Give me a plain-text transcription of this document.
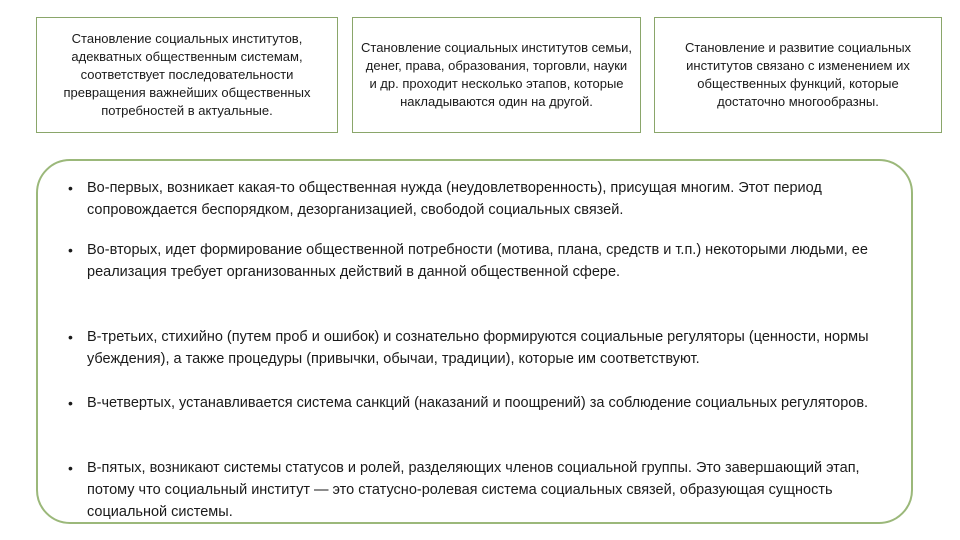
Становление социальных институтов, адекватных общественным системам, соответствует последовательности превращения важнейших общественных потребностей в актуальные.
Становление социальных институтов семьи, денег, права, образования, торговли, науки и др. проходит несколько этапов, которые накладываются один на другой.
Становление и развитие социальных институтов связано с изменением их общественных функций, которые достаточно многообразны.
• Во-первых, возникает какая-то общественная нужда (неудовлетворенность), присущая многим. Этот период сопровождается беспорядком, дезорганизацией, свободой социальных связей.
• Во-вторых, идет формирование общественной потребности (мотива, плана, средств и т.п.) некоторыми людьми, ее реализация требует организованных действий в данной общественной сфере.
• В-третьих, стихийно (путем проб и ошибок) и сознательно формируются социальные регуляторы (ценности, нормы убеждения), а также процедуры (привычки, обычаи, традиции), которые им соответствуют.
• В-четвертых, устанавливается система санкций (наказаний и поощрений) за соблюдение социальных регуляторов.
• В-пятых, возникают системы статусов и ролей, разделяющих членов социальной группы. Это завершающий этап, потому что социальный институт — это статусно-ролевая система социальных связей, образующая сущность социальной системы.
